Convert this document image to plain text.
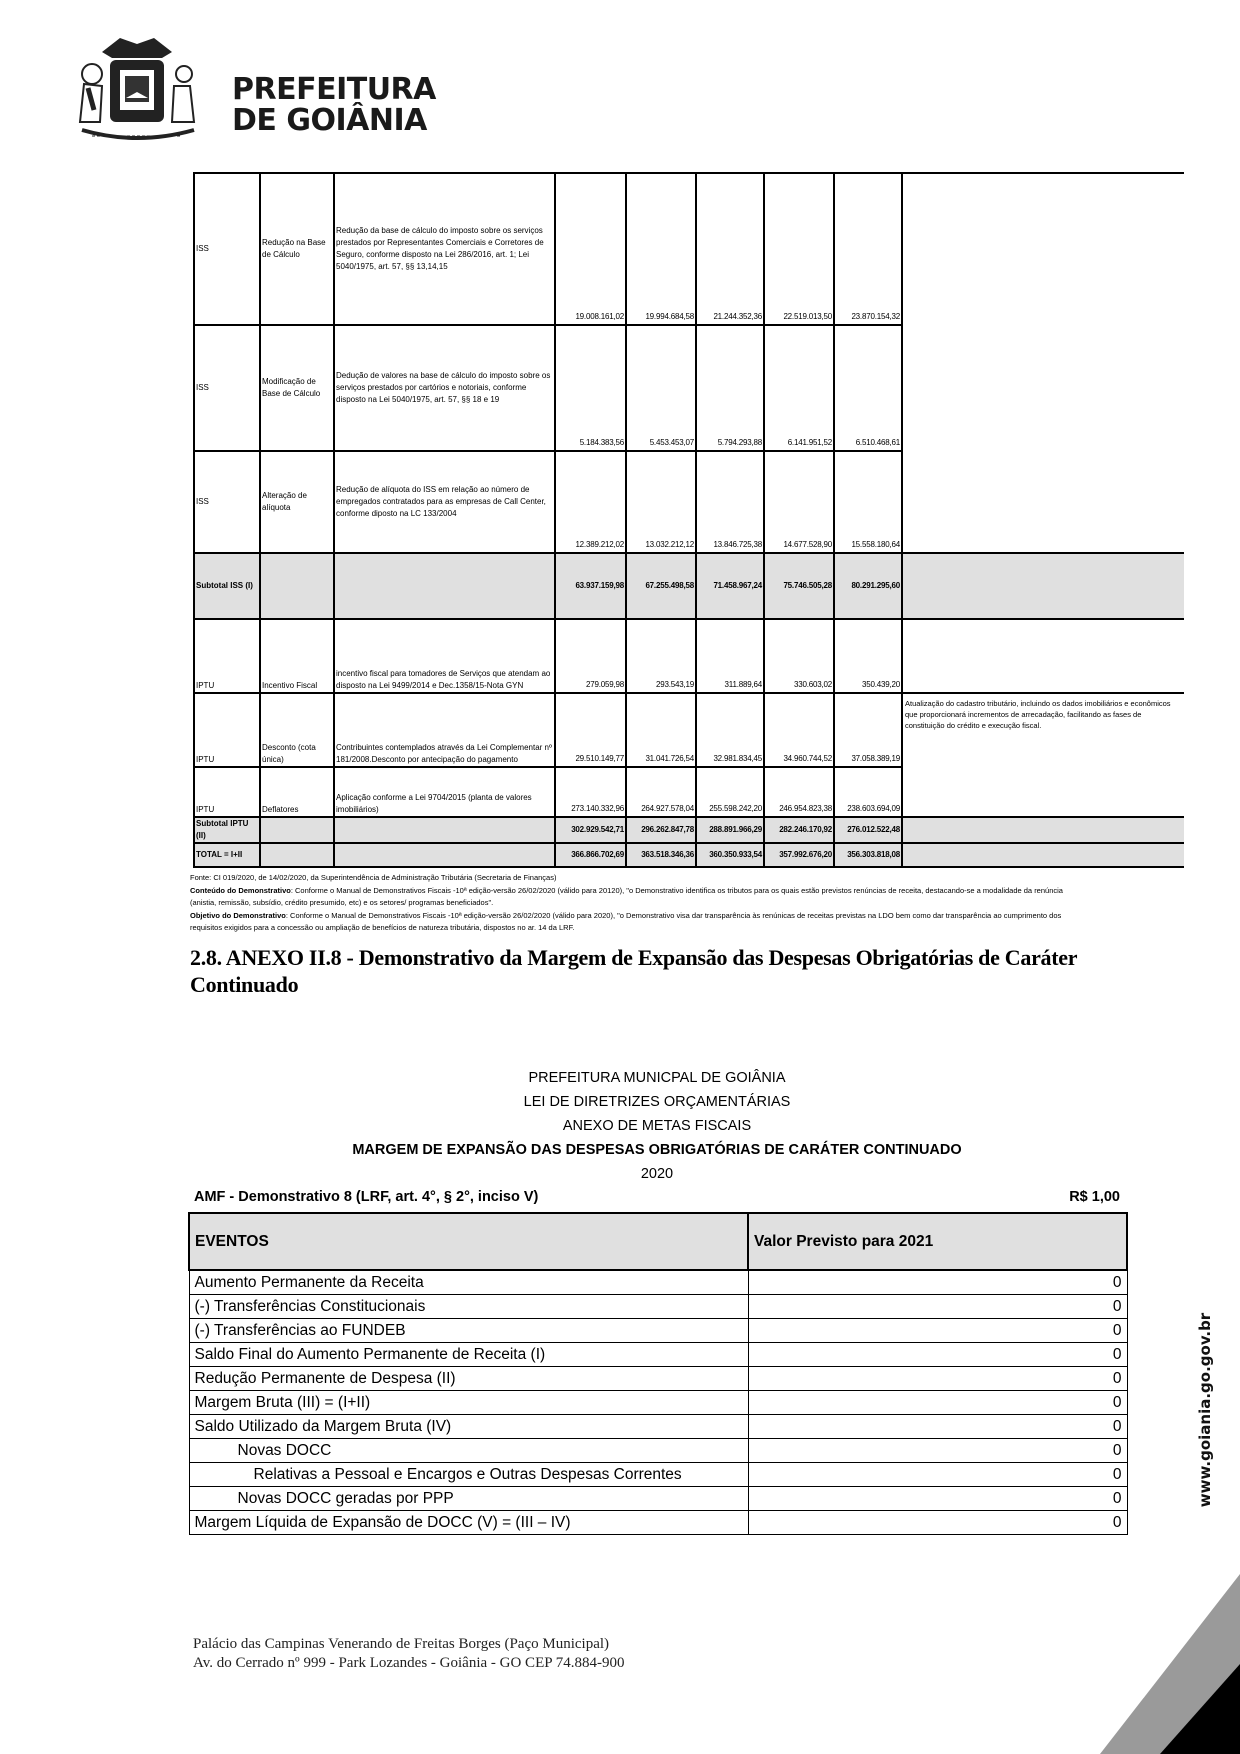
PREFEITURA
DE GOIÂNIA
ISS	Redução na Base de Cálculo	Redução da base de cálculo do imposto sobre os serviços prestados por Representantes Comerciais e Corretores de Seguro, conforme disposto na Lei 286/2016, art. 1; Lei 5040/1975, art. 57, §§ 13,14,15	19.008.161,02	19.994.684,58	21.244.352,36	22.519.013,50	23.870.154,32	
ISS	Modificação de Base de Cálculo	Dedução de valores na base de cálculo do imposto sobre os serviços prestados por cartórios e notoriais, conforme disposto na Lei 5040/1975, art. 57, §§ 18 e 19	5.184.383,56	5.453.453,07	5.794.293,88	6.141.951,52	6.510.468,61	
ISS	Alteração de alíquota	Redução de alíquota do ISS em relação ao número de empregados contratados para as empresas de Call Center, conforme diposto na LC 133/2004	12.389.212,02	13.032.212,12	13.846.725,38	14.677.528,90	15.558.180,64	
Subtotal ISS (I)			63.937.159,98	67.255.498,58	71.458.967,24	75.746.505,28	80.291.295,60	
IPTU	Incentivo Fiscal	incentivo fiscal para tomadores de Serviços que atendam ao disposto na Lei 9499/2014 e Dec.1358/15-Nota GYN	279.059,98	293.543,19	311.889,64	330.603,02	350.439,20	
IPTU	Desconto (cota única)	Contribuintes contemplados através da Lei Complementar nº 181/2008.Desconto por antecipação do pagamento	29.510.149,77	31.041.726,54	32.981.834,45	34.960.744,52	37.058.389,19	Atualização do cadastro tributário, incluindo os dados imobiliários e econômicos que proporcionará incrementos de arrecadação, facilitando as fases de constituição do crédito e execução fiscal.
IPTU	Deflatores	Aplicação conforme a Lei 9704/2015 (planta de valores imobiliários)	273.140.332,96	264.927.578,04	255.598.242,20	246.954.823,38	238.603.694,09	
Subtotal IPTU (II)			302.929.542,71	296.262.847,78	288.891.966,29	282.246.170,92	276.012.522,48	
TOTAL = I+II			366.866.702,69	363.518.346,36	360.350.933,54	357.992.676,20	356.303.818,08	
Fonte: CI 019/2020, de 14/02/2020, da Superintendência de Administração Tributária (Secretaria de Finanças)
Conteúdo do Demonstrativo: Conforme o Manual de Demonstrativos Fiscais -10ª edição-versão 26/02/2020 (válido para 20120), "o Demonstrativo identifica os tributos para os quais estão previstos renúncias de receita, destacando-se a modalidade da renúncia (anistia, remissão, subsídio, crédito presumido, etc) e os setores/ programas beneficiados".
Objetivo do Demonstrativo: Conforme o Manual de Demonstrativos Fiscais -10ª edição-versão 26/02/2020 (válido para 2020), "o Demonstrativo visa dar transparência às renúnicas de receitas previstas na LDO bem como dar transparência ao cumprimento dos requisitos exigidos para a concessão ou ampliação de benefícios de natureza tributária, dispostos no ar. 14 da LRF.
2.8. ANEXO II.8 - Demonstrativo da Margem de Expansão das Despesas Obrigatórias de Caráter Continuado
PREFEITURA MUNICPAL DE GOIÂNIA
LEI DE DIRETRIZES ORÇAMENTÁRIAS
ANEXO DE METAS FISCAIS
MARGEM DE EXPANSÃO DAS DESPESAS OBRIGATÓRIAS DE CARÁTER CONTINUADO
2020
AMF - Demonstrativo 8 (LRF, art. 4°, § 2°, inciso V)	R$ 1,00
EVENTOS	Valor Previsto para 2021
Aumento Permanente da Receita	0
(-) Transferências Constitucionais	0
(-) Transferências ao FUNDEB	0
Saldo Final do Aumento Permanente de Receita (I)	0
Redução Permanente de Despesa (II)	0
Margem Bruta (III) = (I+II)	0
Saldo Utilizado da Margem Bruta (IV)	0
Novas DOCC	0
Relativas a Pessoal e Encargos e Outras Despesas Correntes	0
Novas DOCC geradas por PPP	0
Margem Líquida de Expansão de DOCC (V) = (III – IV)	0
www.goiania.go.gov.br
Palácio das Campinas Venerando de Freitas Borges (Paço Municipal)
Av. do Cerrado nº 999 - Park Lozandes - Goiânia - GO CEP 74.884-900
